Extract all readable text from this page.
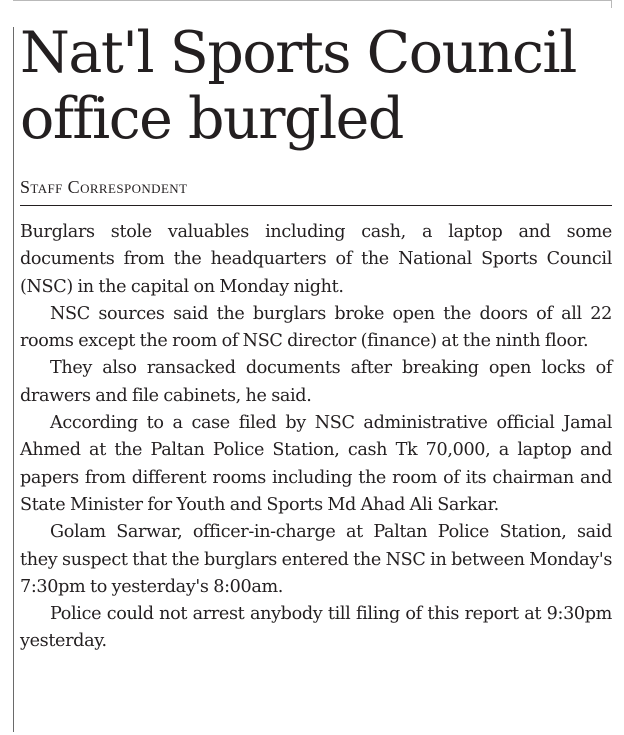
Nat'l Sports Council office burgled
Staff Correspondent

Burglars stole valuables including cash, a laptop and some documents from the headquarters of the National Sports Council (NSC) in the capital on Monday night.

NSC sources said the burglars broke open the doors of all 22 rooms except the room of NSC director (finance) at the ninth floor.

They also ransacked documents after breaking open locks of drawers and file cabinets, he said.

According to a case filed by NSC administrative official Jamal Ahmed at the Paltan Police Station, cash Tk 70,000, a laptop and papers from different rooms including the room of its chairman and State Minister for Youth and Sports Md Ahad Ali Sarkar.

Golam Sarwar, officer-in-charge at Paltan Police Station, said they suspect that the burglars entered the NSC in between Monday's 7:30pm to yesterday's 8:00am.

Police could not arrest anybody till filing of this report at 9:30pm yesterday.
